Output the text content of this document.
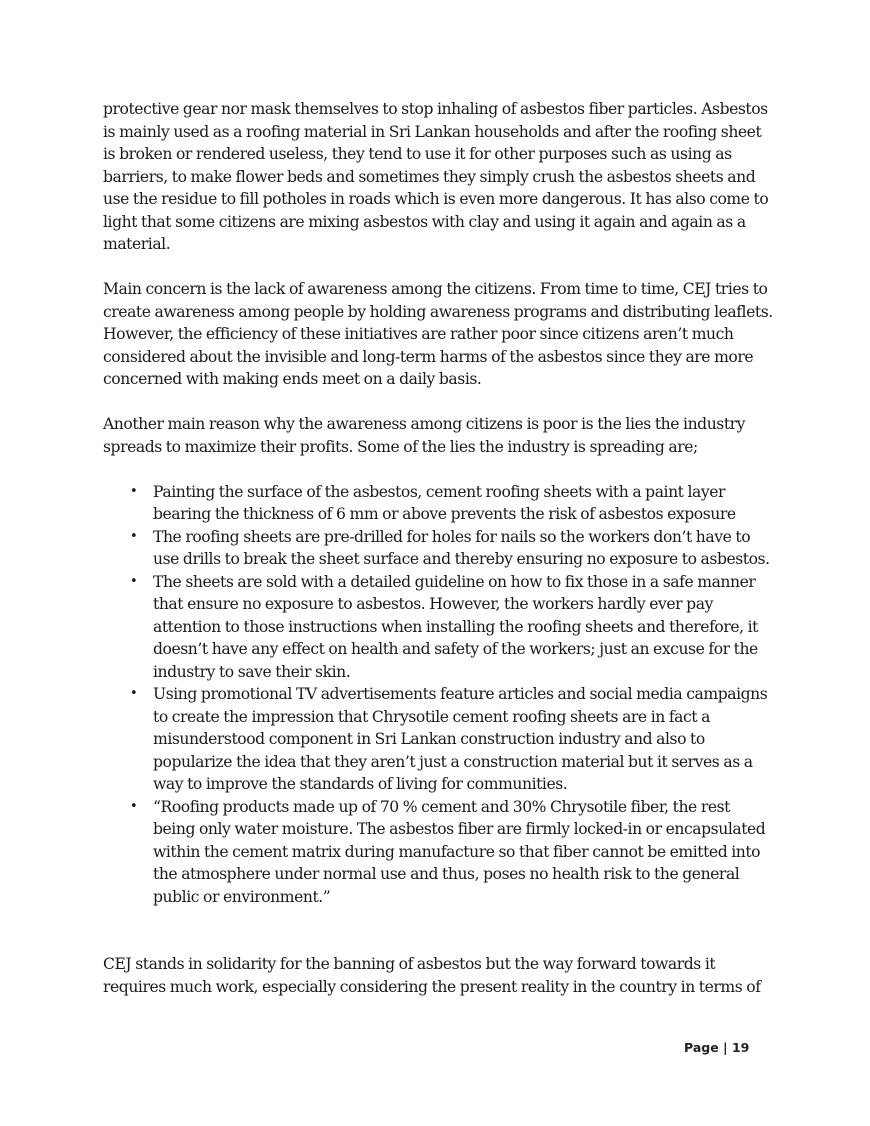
protective gear nor mask themselves to stop inhaling of asbestos fiber particles. Asbestos is mainly used as a roofing material in Sri Lankan households and after the roofing sheet is broken or rendered useless, they tend to use it for other purposes such as using as barriers, to make flower beds and sometimes they simply crush the asbestos sheets and use the residue to fill potholes in roads which is even more dangerous. It has also come to light that some citizens are mixing asbestos with clay and using it again and again as a material.

Main concern is the lack of awareness among the citizens. From time to time, CEJ tries to create awareness among people by holding awareness programs and distributing leaflets. However, the efficiency of these initiatives are rather poor since citizens aren’t much considered about the invisible and long-term harms of the asbestos since they are more concerned with making ends meet on a daily basis.

Another main reason why the awareness among citizens is poor is the lies the industry spreads to maximize their profits. Some of the lies the industry is spreading are;

• Painting the surface of the asbestos, cement roofing sheets with a paint layer bearing the thickness of 6 mm or above prevents the risk of asbestos exposure
• The roofing sheets are pre-drilled for holes for nails so the workers don’t have to use drills to break the sheet surface and thereby ensuring no exposure to asbestos.
• The sheets are sold with a detailed guideline on how to fix those in a safe manner that ensure no exposure to asbestos. However, the workers hardly ever pay attention to those instructions when installing the roofing sheets and therefore, it doesn’t have any effect on health and safety of the workers; just an excuse for the industry to save their skin.
• Using promotional TV advertisements feature articles and social media campaigns to create the impression that Chrysotile cement roofing sheets are in fact a misunderstood component in Sri Lankan construction industry and also to popularize the idea that they aren’t just a construction material but it serves as a way to improve the standards of living for communities.
• “Roofing products made up of 70 % cement and 30% Chrysotile fiber, the rest being only water moisture. The asbestos fiber are firmly locked-in or encapsulated within the cement matrix during manufacture so that fiber cannot be emitted into the atmosphere under normal use and thus, poses no health risk to the general public or environment.”

CEJ stands in solidarity for the banning of asbestos but the way forward towards it requires much work, especially considering the present reality in the country in terms of

Page | 19
